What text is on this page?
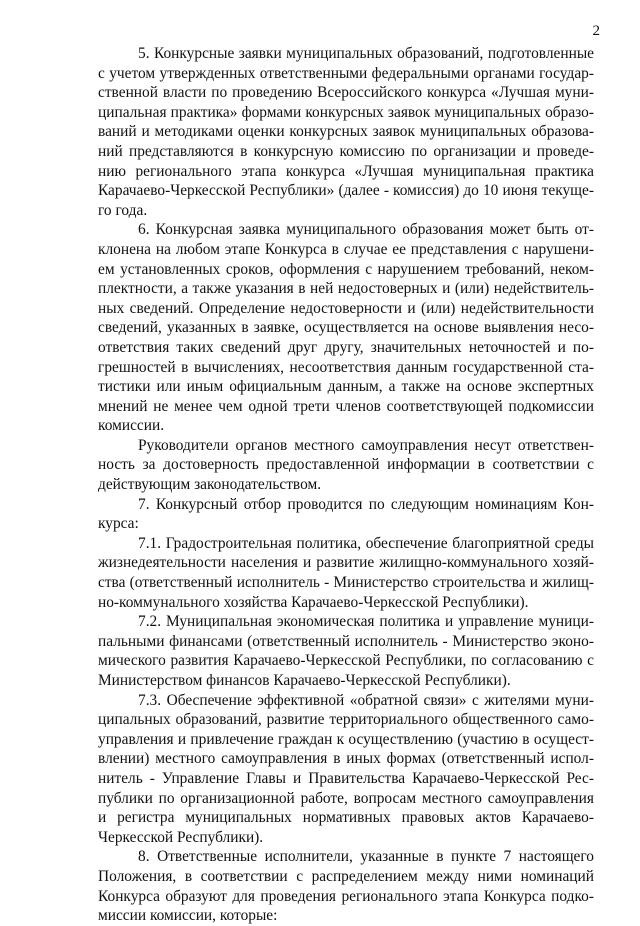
2

5. Конкурсные заявки муниципальных образований, подготовленные с учетом утвержденных ответственными федеральными органами государственной власти по проведению Всероссийского конкурса «Лучшая муниципальная практика» формами конкурсных заявок муниципальных образований и методиками оценки конкурсных заявок муниципальных образований представляются в конкурсную комиссию по организации и проведению регионального этапа конкурса «Лучшая муниципальная практика Карачаево-Черкесской Республики» (далее - комиссия) до 10 июня текущего года.

6. Конкурсная заявка муниципального образования может быть отклонена на любом этапе Конкурса в случае ее представления с нарушением установленных сроков, оформления с нарушением требований, некомплектности, а также указания в ней недостоверных и (или) недействительных сведений. Определение недостоверности и (или) недействительности сведений, указанных в заявке, осуществляется на основе выявления несоответствия таких сведений друг другу, значительных неточностей и погрешностей в вычислениях, несоответствия данным государственной статистики или иным официальным данным, а также на основе экспертных мнений не менее чем одной трети членов соответствующей подкомиссии комиссии.

Руководители органов местного самоуправления несут ответственность за достоверность предоставленной информации в соответствии с действующим законодательством.

7. Конкурсный отбор проводится по следующим номинациям Конкурса:

7.1. Градостроительная политика, обеспечение благоприятной среды жизнедеятельности населения и развитие жилищно-коммунального хозяйства (ответственный исполнитель - Министерство строительства и жилищно-коммунального хозяйства Карачаево-Черкесской Республики).

7.2. Муниципальная экономическая политика и управление муниципальными финансами (ответственный исполнитель - Министерство экономического развития Карачаево-Черкесской Республики, по согласованию с Министерством финансов Карачаево-Черкесской Республики).

7.3. Обеспечение эффективной «обратной связи» с жителями муниципальных образований, развитие территориального общественного самоуправления и привлечение граждан к осуществлению (участию в осуществлении) местного самоуправления в иных формах (ответственный исполнитель - Управление Главы и Правительства Карачаево-Черкесской Республики по организационной работе, вопросам местного самоуправления и регистра муниципальных нормативных правовых актов Карачаево-Черкесской Республики).

8. Ответственные исполнители, указанные в пункте 7 настоящего Положения, в соответствии с распределением между ними номинаций Конкурса образуют для проведения регионального этапа Конкурса подкомиссии комиссии, которые:
